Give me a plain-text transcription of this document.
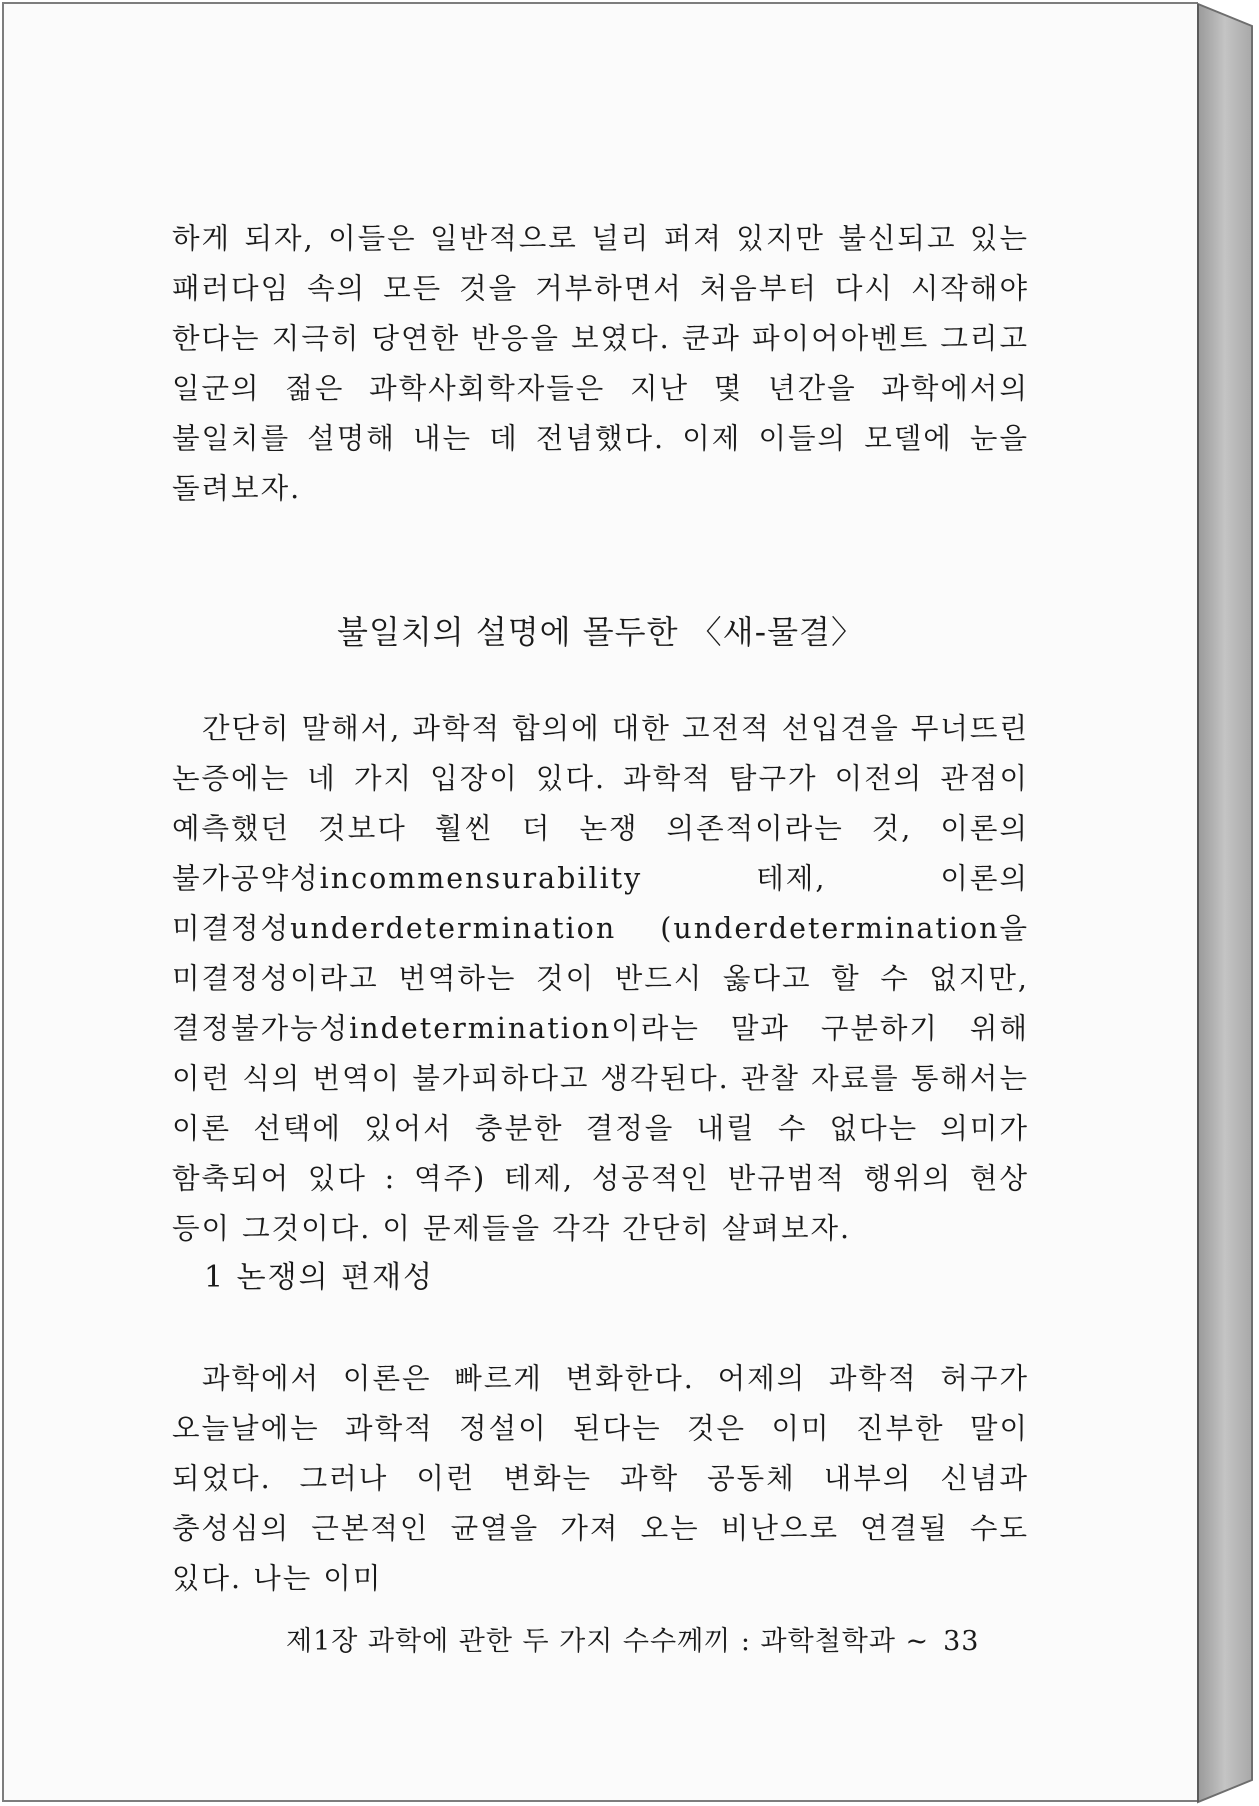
하게 되자, 이들은 일반적으로 널리 퍼져 있지만 불신되고 있는 패러다임 속의 모든 것을 거부하면서 처음부터 다시 시작해야 한다는 지극히 당연한 반응을 보였다. 쿤과 파이어아벤트 그리고 일군의 젊은 과학사회학자들은 지난 몇 년간을 과학에서의 불일치를 설명해 내는 데 전념했다. 이제 이들의 모델에 눈을 돌려보자.

불일치의 설명에 몰두한 〈새-물결〉

간단히 말해서, 과학적 합의에 대한 고전적 선입견을 무너뜨린 논증에는 네 가지 입장이 있다. 과학적 탐구가 이전의 관점이 예측했던 것보다 훨씬 더 논쟁 의존적이라는 것, 이론의 불가공약성incommensurability 테제, 이론의 미결정성underdetermination (underdetermination을 미결정성이라고 번역하는 것이 반드시 옳다고 할 수 없지만, 결정불가능성indetermination이라는 말과 구분하기 위해 이런 식의 번역이 불가피하다고 생각된다. 관찰 자료를 통해서는 이론 선택에 있어서 충분한 결정을 내릴 수 없다는 의미가 함축되어 있다 : 역주) 테제, 성공적인 반규범적 행위의 현상 등이 그것이다. 이 문제들을 각각 간단히 살펴보자.

1 논쟁의 편재성

과학에서 이론은 빠르게 변화한다. 어제의 과학적 허구가 오늘날에는 과학적 정설이 된다는 것은 이미 진부한 말이 되었다. 그러나 이런 변화는 과학 공동체 내부의 신념과 충성심의 근본적인 균열을 가져 오는 비난으로 연결될 수도 있다. 나는 이미

제1장 과학에 관한 두 가지 수수께끼 : 과학철학과 ~ 33
